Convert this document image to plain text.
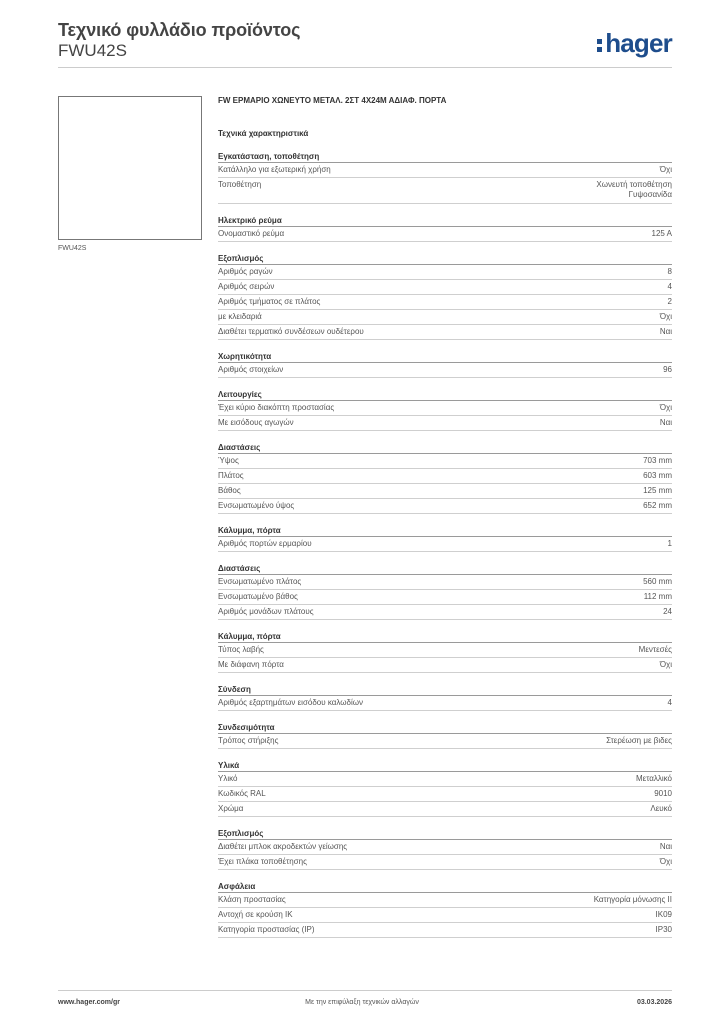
Τεχνικό φυλλάδιο προϊόντος
FWU42S	hager
FWU42S
FW ΕΡΜΑΡΙΟ ΧΩΝΕΥΤΟ ΜΕΤΑΛ. 2ΣΤ 4Χ24Μ ΑΔΙΑΦ. ΠΟΡΤΑ
Τεχνικά χαρακτηριστικά
Εγκατάσταση, τοποθέτηση
Κατάλληλο για εξωτερική χρήση	Όχι
Τοποθέτηση	Χωνευτή τοποθέτηση
Γυψοσανίδα
Ηλεκτρικό ρεύμα
Ονομαστικό ρεύμα	125 A
Εξοπλισμός
Αριθμός ραγών	8
Αριθμός σειρών	4
Αριθμός τμήματος σε πλάτος	2
με κλειδαριά	Όχι
Διαθέτει τερματικό συνδέσεων ουδέτερου	Ναι
Χωρητικότητα
Αριθμός στοιχείων	96
Λειτουργίες
Έχει κύριο διακόπτη προστασίας	Όχι
Με εισόδους αγωγών	Ναι
Διαστάσεις
Ύψος	703 mm
Πλάτος	603 mm
Βάθος	125 mm
Ενσωματωμένο ύψος	652 mm
Κάλυμμα, πόρτα
Αριθμός πορτών ερμαρίου	1
Διαστάσεις
Ενσωματωμένο πλάτος	560 mm
Ενσωματωμένο βάθος	112 mm
Αριθμός μονάδων πλάτους	24
Κάλυμμα, πόρτα
Τύπος λαβής	Μεντεσές
Με διάφανη πόρτα	Όχι
Σύνδεση
Αριθμός εξαρτημάτων εισόδου καλωδίων	4
Συνδεσιμότητα
Τρόπος στήριξης	Στερέωση με βιδες
Υλικά
Υλικό	Μεταλλικό
Κωδικός RAL	9010
Χρώμα	Λευκό
Εξοπλισμός
Διαθέτει μπλοκ ακροδεκτών γείωσης	Ναι
Έχει πλάκα τοποθέτησης	Όχι
Ασφάλεια
Κλάση προστασίας	Κατηγορία μόνωσης II
Αντοχή σε κρούση IK	IK09
Κατηγορία προστασίας (IP)	IP30
www.hager.com/gr	Με την επιφύλαξη τεχνικών αλλαγών	03.03.2026
